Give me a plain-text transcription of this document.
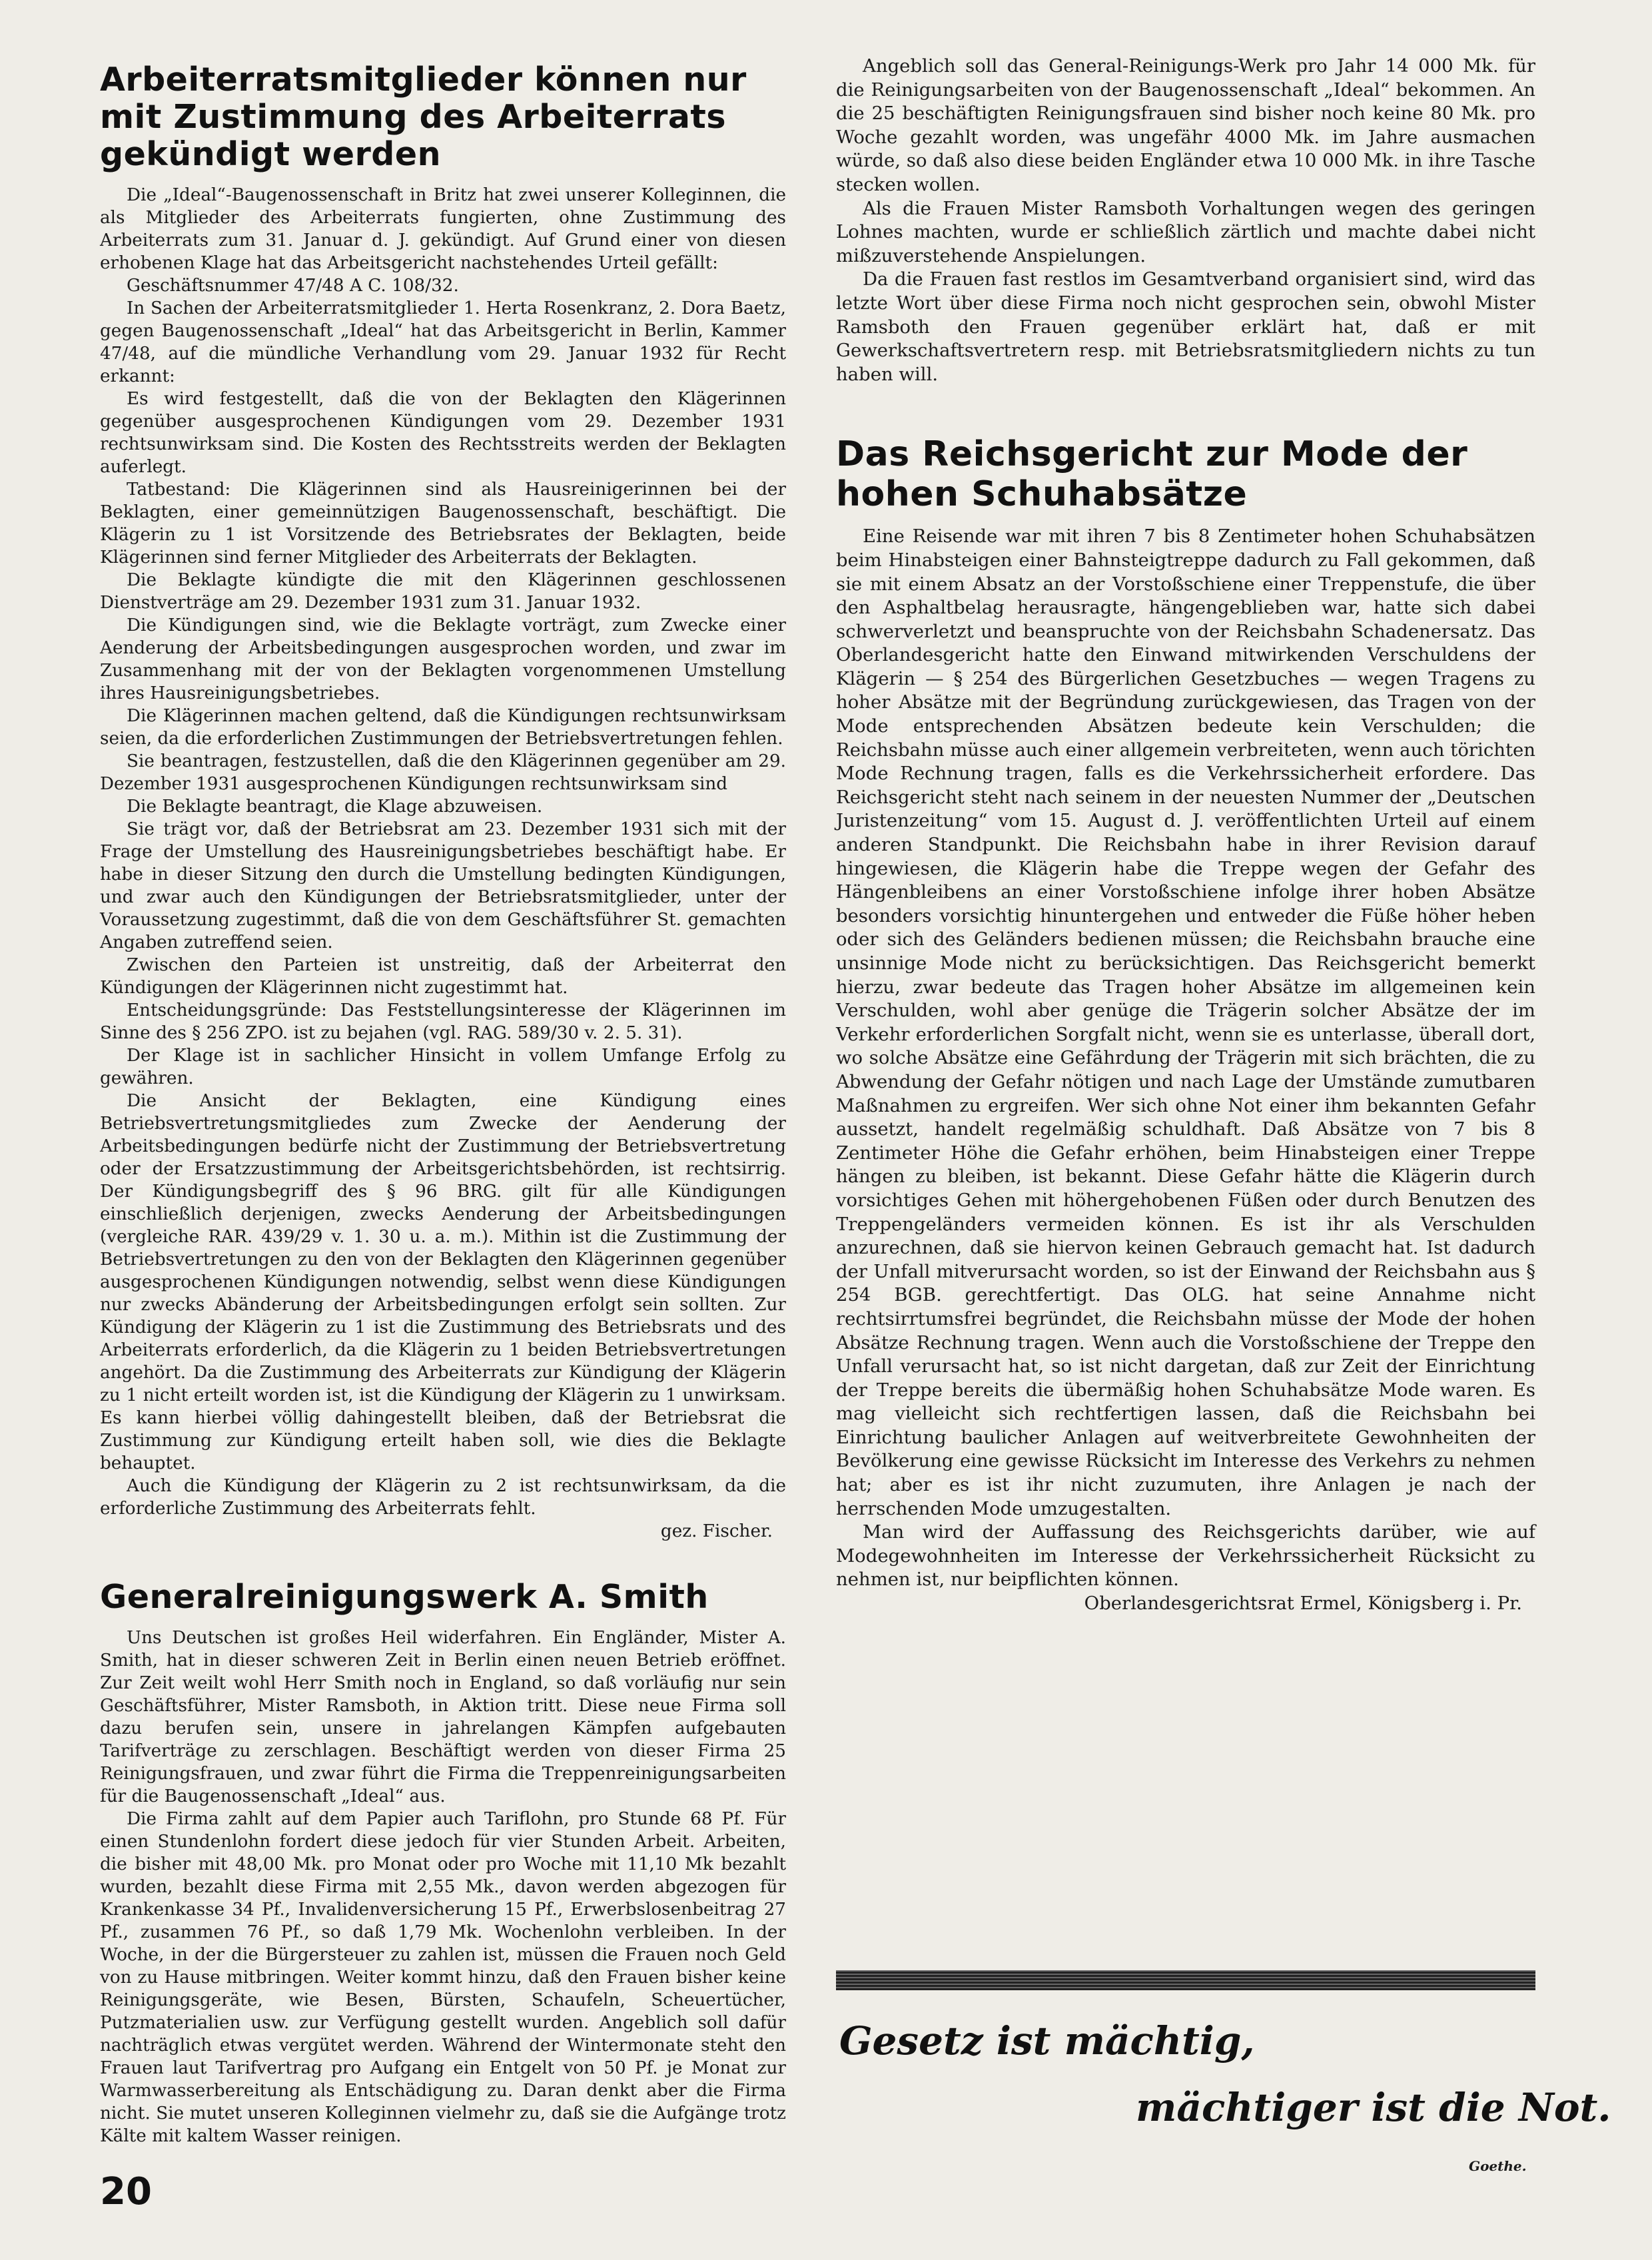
Arbeiterratsmitglieder können nur mit Zustimmung des Arbeiterrats gekündigt werden

Die „Ideal“-Baugenossenschaft in Britz hat zwei unserer Kolleginnen, die als Mitglieder des Arbeiterrats fungierten, ohne Zustimmung des Arbeiterrats zum 31. Januar d. J. gekündigt. Auf Grund einer von diesen erhobenen Klage hat das Arbeitsgericht nachstehendes Urteil gefällt:

Geschäftsnummer 47/48 A C. 108/32.

In Sachen der Arbeiterratsmitglieder 1. Herta Rosenkranz, 2. Dora Baetz, gegen Baugenossenschaft „Ideal“ hat das Arbeitsgericht in Berlin, Kammer 47/48, auf die mündliche Verhandlung vom 29. Januar 1932 für Recht erkannt:

Es wird festgestellt, daß die von der Beklagten den Klägerinnen gegenüber ausgesprochenen Kündigungen vom 29. Dezember 1931 rechtsunwirksam sind. Die Kosten des Rechtsstreits werden der Beklagten auferlegt.

Tatbestand: Die Klägerinnen sind als Hausreinigerinnen bei der Beklagten, einer gemeinnützigen Baugenossenschaft, beschäftigt. Die Klägerin zu 1 ist Vorsitzende des Betriebsrates der Beklagten, beide Klägerinnen sind ferner Mitglieder des Arbeiterrats der Beklagten.

Die Beklagte kündigte die mit den Klägerinnen geschlossenen Dienstverträge am 29. Dezember 1931 zum 31. Januar 1932.

Die Kündigungen sind, wie die Beklagte vorträgt, zum Zwecke einer Aenderung der Arbeitsbedingungen ausgesprochen worden, und zwar im Zusammenhang mit der von der Beklagten vorgenommenen Umstellung ihres Hausreinigungsbetriebes.

Die Klägerinnen machen geltend, daß die Kündigungen rechtsunwirksam seien, da die erforderlichen Zustimmungen der Betriebsvertretungen fehlen.

Sie beantragen, festzustellen, daß die den Klägerinnen gegenüber am 29. Dezember 1931 ausgesprochenen Kündigungen rechtsunwirksam sind

Die Beklagte beantragt, die Klage abzuweisen.

Sie trägt vor, daß der Betriebsrat am 23. Dezember 1931 sich mit der Frage der Umstellung des Hausreinigungsbetriebes beschäftigt habe. Er habe in dieser Sitzung den durch die Umstellung bedingten Kündigungen, und zwar auch den Kündigungen der Betriebsratsmitglieder, unter der Voraussetzung zugestimmt, daß die von dem Geschäftsführer St. gemachten Angaben zutreffend seien.

Zwischen den Parteien ist unstreitig, daß der Arbeiterrat den Kündigungen der Klägerinnen nicht zugestimmt hat.

Entscheidungsgründe: Das Feststellungsinteresse der Klägerinnen im Sinne des § 256 ZPO. ist zu bejahen (vgl. RAG. 589/30 v. 2. 5. 31).

Der Klage ist in sachlicher Hinsicht in vollem Umfange Erfolg zu gewähren.

Die Ansicht der Beklagten, eine Kündigung eines Betriebsvertretungsmitgliedes zum Zwecke der Aenderung der Arbeitsbedingungen bedürfe nicht der Zustimmung der Betriebsvertretung oder der Ersatzzustimmung der Arbeitsgerichtsbehörden, ist rechtsirrig. Der Kündigungsbegriff des § 96 BRG. gilt für alle Kündigungen einschließlich derjenigen, zwecks Aenderung der Arbeitsbedingungen (vergleiche RAR. 439/29 v. 1. 30 u. a. m.). Mithin ist die Zustimmung der Betriebsvertretungen zu den von der Beklagten den Klägerinnen gegenüber ausgesprochenen Kündigungen notwendig, selbst wenn diese Kündigungen nur zwecks Abänderung der Arbeitsbedingungen erfolgt sein sollten. Zur Kündigung der Klägerin zu 1 ist die Zustimmung des Betriebsrats und des Arbeiterrats erforderlich, da die Klägerin zu 1 beiden Betriebsvertretungen angehört. Da die Zustimmung des Arbeiterrats zur Kündigung der Klägerin zu 1 nicht erteilt worden ist, ist die Kündigung der Klägerin zu 1 unwirksam. Es kann hierbei völlig dahingestellt bleiben, daß der Betriebsrat die Zustimmung zur Kündigung erteilt haben soll, wie dies die Beklagte behauptet.

Auch die Kündigung der Klägerin zu 2 ist rechtsunwirksam, da die erforderliche Zustimmung des Arbeiterrats fehlt.

gez. Fischer.

Generalreinigungswerk A. Smith

Uns Deutschen ist großes Heil widerfahren. Ein Engländer, Mister A. Smith, hat in dieser schweren Zeit in Berlin einen neuen Betrieb eröffnet. Zur Zeit weilt wohl Herr Smith noch in England, so daß vorläufig nur sein Geschäftsführer, Mister Ramsboth, in Aktion tritt. Diese neue Firma soll dazu berufen sein, unsere in jahrelangen Kämpfen aufgebauten Tarifverträge zu zerschlagen. Beschäftigt werden von dieser Firma 25 Reinigungsfrauen, und zwar führt die Firma die Treppenreinigungsarbeiten für die Baugenossenschaft „Ideal“ aus.

Die Firma zahlt auf dem Papier auch Tariflohn, pro Stunde 68 Pf. Für einen Stundenlohn fordert diese jedoch für vier Stunden Arbeit. Arbeiten, die bisher mit 48,00 Mk. pro Monat oder pro Woche mit 11,10 Mk bezahlt wurden, bezahlt diese Firma mit 2,55 Mk., davon werden abgezogen für Krankenkasse 34 Pf., Invalidenversicherung 15 Pf., Erwerbslosenbeitrag 27 Pf., zusammen 76 Pf., so daß 1,79 Mk. Wochenlohn verbleiben. In der Woche, in der die Bürgersteuer zu zahlen ist, müssen die Frauen noch Geld von zu Hause mitbringen. Weiter kommt hinzu, daß den Frauen bisher keine Reinigungsgeräte, wie Besen, Bürsten, Schaufeln, Scheuertücher, Putzmaterialien usw. zur Verfügung gestellt wurden. Angeblich soll dafür nachträglich etwas vergütet werden. Während der Wintermonate steht den Frauen laut Tarifvertrag pro Aufgang ein Entgelt von 50 Pf. je Monat zur Warmwasserbereitung als Entschädigung zu. Daran denkt aber die Firma nicht. Sie mutet unseren Kolleginnen vielmehr zu, daß sie die Aufgänge trotz Kälte mit kaltem Wasser reinigen.

Angeblich soll das General-Reinigungs-Werk pro Jahr 14 000 Mk. für die Reinigungsarbeiten von der Baugenossenschaft „Ideal“ bekommen. An die 25 beschäftigten Reinigungsfrauen sind bisher noch keine 80 Mk. pro Woche gezahlt worden, was ungefähr 4000 Mk. im Jahre ausmachen würde, so daß also diese beiden Engländer etwa 10 000 Mk. in ihre Tasche stecken wollen.

Als die Frauen Mister Ramsboth Vorhaltungen wegen des geringen Lohnes machten, wurde er schließlich zärtlich und machte dabei nicht mißzuverstehende Anspielungen.

Da die Frauen fast restlos im Gesamtverband organisiert sind, wird das letzte Wort über diese Firma noch nicht gesprochen sein, obwohl Mister Ramsboth den Frauen gegenüber erklärt hat, daß er mit Gewerkschaftsvertretern resp. mit Betriebsratsmitgliedern nichts zu tun haben will.

Das Reichsgericht zur Mode der hohen Schuhabsätze

Eine Reisende war mit ihren 7 bis 8 Zentimeter hohen Schuhabsätzen beim Hinabsteigen einer Bahnsteigtreppe dadurch zu Fall gekommen, daß sie mit einem Absatz an der Vorstoßschiene einer Treppenstufe, die über den Asphaltbelag herausragte, hängengeblieben war, hatte sich dabei schwerverletzt und beanspruchte von der Reichsbahn Schadenersatz. Das Oberlandesgericht hatte den Einwand mitwirkenden Verschuldens der Klägerin — § 254 des Bürgerlichen Gesetzbuches — wegen Tragens zu hoher Absätze mit der Begründung zurückgewiesen, das Tragen von der Mode entsprechenden Absätzen bedeute kein Verschulden; die Reichsbahn müsse auch einer allgemein verbreiteten, wenn auch törichten Mode Rechnung tragen, falls es die Verkehrssicherheit erfordere. Das Reichsgericht steht nach seinem in der neuesten Nummer der „Deutschen Juristenzeitung“ vom 15. August d. J. veröffentlichten Urteil auf einem anderen Standpunkt. Die Reichsbahn habe in ihrer Revision darauf hingewiesen, die Klägerin habe die Treppe wegen der Gefahr des Hängenbleibens an einer Vorstoßschiene infolge ihrer hoben Absätze besonders vorsichtig hinuntergehen und entweder die Füße höher heben oder sich des Geländers bedienen müssen; die Reichsbahn brauche eine unsinnige Mode nicht zu berücksichtigen. Das Reichsgericht bemerkt hierzu, zwar bedeute das Tragen hoher Absätze im allgemeinen kein Verschulden, wohl aber genüge die Trägerin solcher Absätze der im Verkehr erforderlichen Sorgfalt nicht, wenn sie es unterlasse, überall dort, wo solche Absätze eine Gefährdung der Trägerin mit sich brächten, die zu Abwendung der Gefahr nötigen und nach Lage der Umstände zumutbaren Maßnahmen zu ergreifen. Wer sich ohne Not einer ihm bekannten Gefahr aussetzt, handelt regelmäßig schuldhaft. Daß Absätze von 7 bis 8 Zentimeter Höhe die Gefahr erhöhen, beim Hinabsteigen einer Treppe hängen zu bleiben, ist bekannt. Diese Gefahr hätte die Klägerin durch vorsichtiges Gehen mit höhergehobenen Füßen oder durch Benutzen des Treppengeländers vermeiden können. Es ist ihr als Verschulden anzurechnen, daß sie hiervon keinen Gebrauch gemacht hat. Ist dadurch der Unfall mitverursacht worden, so ist der Einwand der Reichsbahn aus § 254 BGB. gerechtfertigt. Das OLG. hat seine Annahme nicht rechtsirrtumsfrei begründet, die Reichsbahn müsse der Mode der hohen Absätze Rechnung tragen. Wenn auch die Vorstoßschiene der Treppe den Unfall verursacht hat, so ist nicht dargetan, daß zur Zeit der Einrichtung der Treppe bereits die übermäßig hohen Schuhabsätze Mode waren. Es mag vielleicht sich rechtfertigen lassen, daß die Reichsbahn bei Einrichtung baulicher Anlagen auf weitverbreitete Gewohnheiten der Bevölkerung eine gewisse Rücksicht im Interesse des Verkehrs zu nehmen hat; aber es ist ihr nicht zuzumuten, ihre Anlagen je nach der herrschenden Mode umzugestalten.

Man wird der Auffassung des Reichsgerichts darüber, wie auf Modegewohnheiten im Interesse der Verkehrssicherheit Rücksicht zu nehmen ist, nur beipflichten können.

Oberlandesgerichtsrat Ermel, Königsberg i. Pr.

Gesetz ist mächtig,
mächtiger ist die Not.
Goethe.
20
